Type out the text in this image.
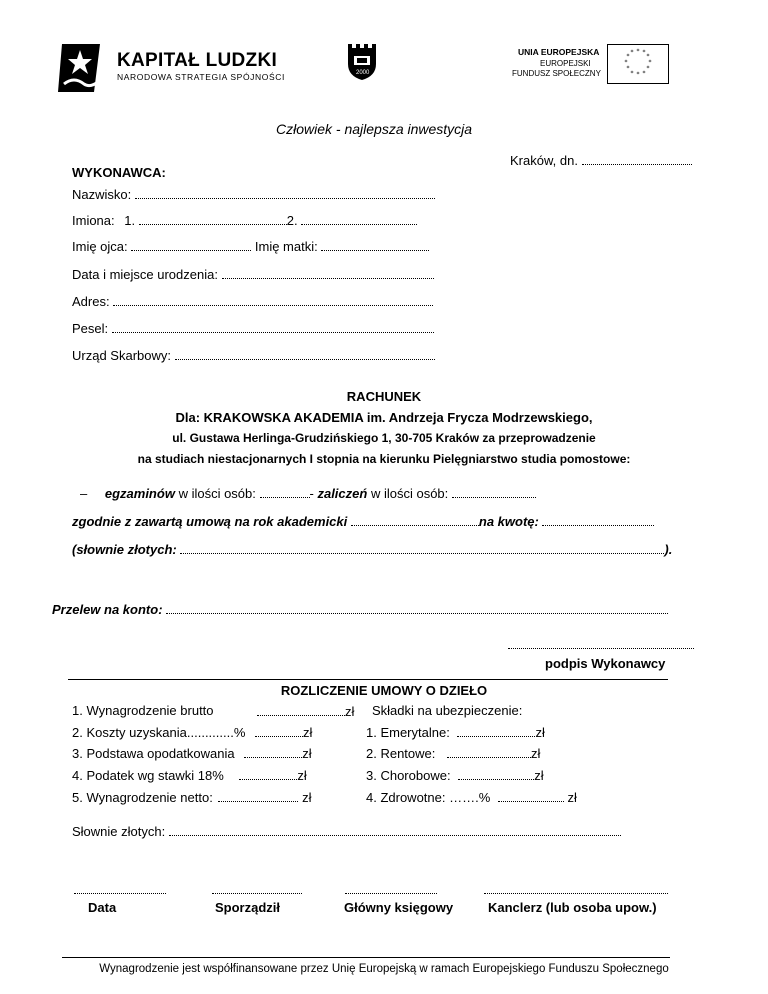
KAPITAŁ LUDZKI
NARODOWA STRATEGIA SPÓJNOŚCI	2000
UNIA EUROPEJSKA
EUROPEJSKI
FUNDUSZ SPOŁECZNY
* *
*
*
*
*
*
*
*
*
*
*
Człowiek - najlepsza inwestycja
Kraków, dn.
WYKONAWCA:
Nazwisko:
Imiona: 1.	2.
Imię ojca:	Imię matki:
Data i miejsce urodzenia:
Adres:
Pesel:
Urząd Skarbowy:
RACHUNEK
Dla: KRAKOWSKA AKADEMIA im. Andrzeja Frycza Modrzewskiego,
ul. Gustawa Herlinga-Grudzińskiego 1, 30-705 Kraków za przeprowadzenie
na studiach niestacjonarnych I stopnia na kierunku Pielęgniarstwo studia pomostowe:
– egzaminów w ilości osób:	- zaliczeń w ilości osób:
zgodnie z zawartą umową na rok akademicki	na kwotę:
(słownie złotych:	).
Przelew na konto:
podpis Wykonawcy
ROZLICZENIE UMOWY O DZIEŁO
1. Wynagrodzenie brutto	zł
2. Koszty uzyskania.............%	zł
3. Podstawa opodatkowania	zł
4. Podatek wg stawki 18%	zł
5. Wynagrodzenie netto:	zł
Składki na ubezpieczenie:
1. Emerytalne:	zł
2. Rentowe:	zł
3. Chorobowe:	zł
4. Zdrowotne: …….%	zł
Słownie złotych:
Data	Sporządził	Główny księgowy	Kanclerz (lub osoba upow.)
Wynagrodzenie jest współfinansowane przez Unię Europejską w ramach Europejskiego Funduszu Społecznego
